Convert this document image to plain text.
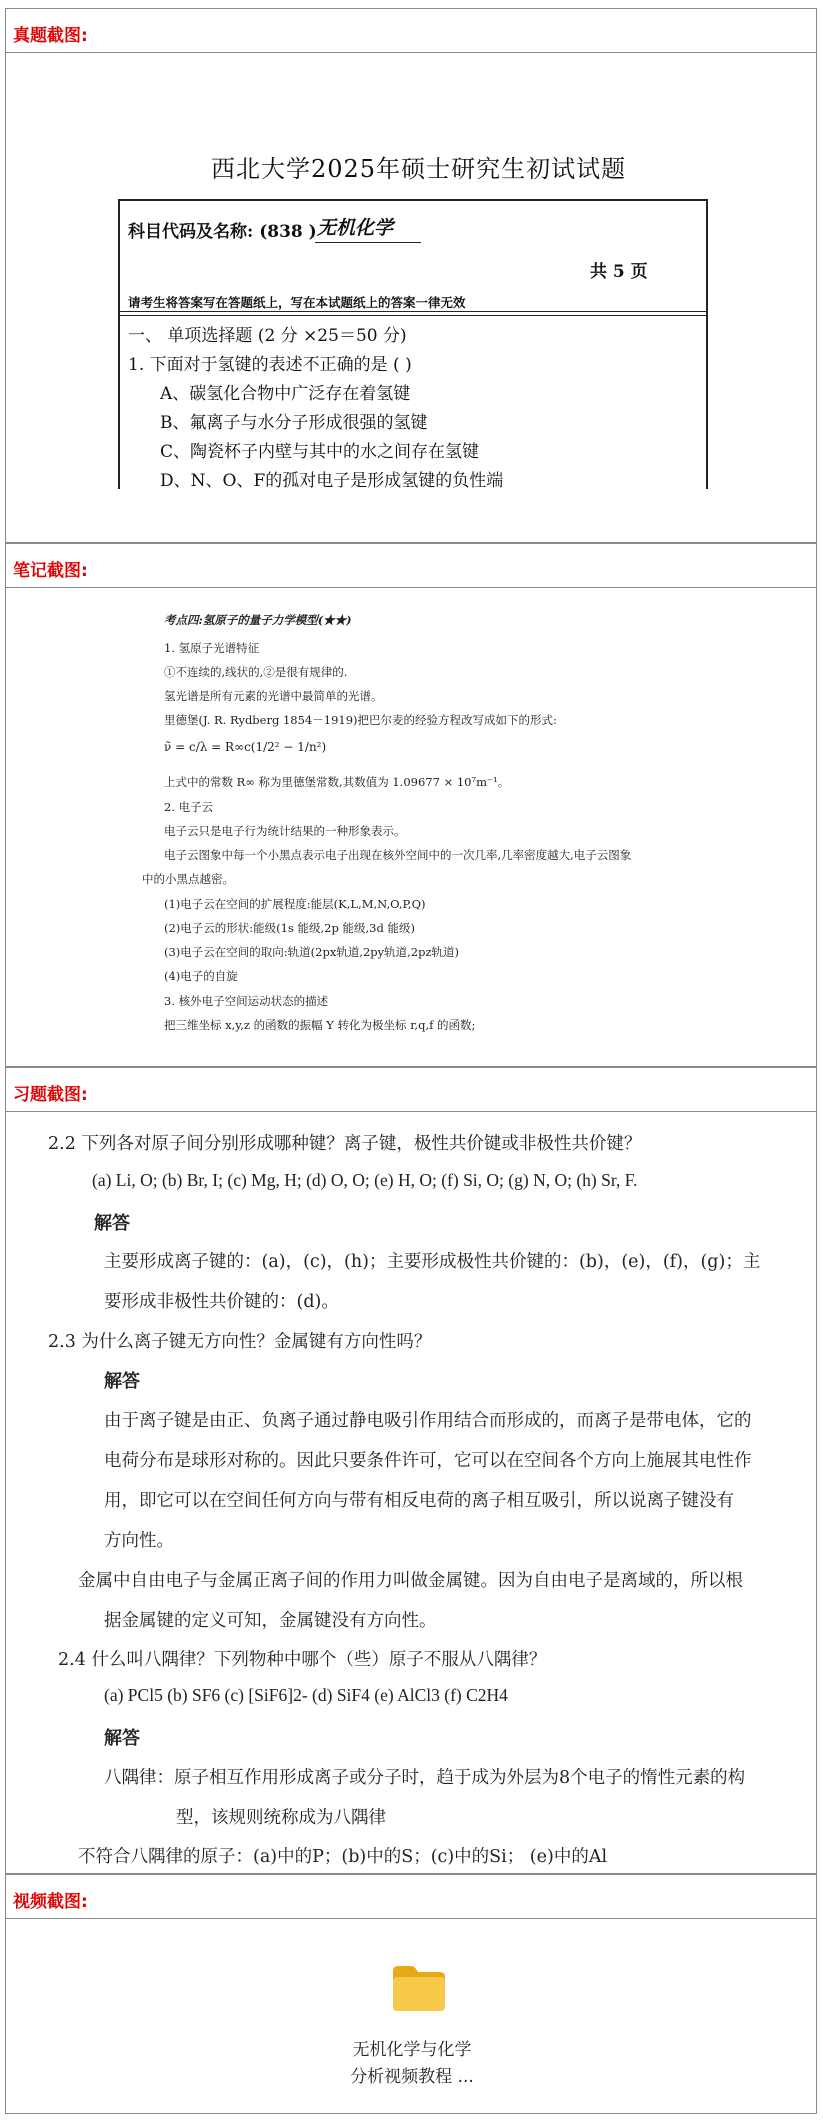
真题截图:
西北大学2025年硕士研究生初试试题
科目代码及名称: (838 ) 无机化学
共 5 页
请考生将答案写在答题纸上，写在本试题纸上的答案一律无效
一、 单项选择题 (2 分 ×25＝50 分)
1. 下面对于氢键的表述不正确的是 ( )
A、碳氢化合物中广泛存在着氢键
B、氟离子与水分子形成很强的氢键
C、陶瓷杯子内壁与其中的水之间存在氢键
D、N、O、F的孤对电子是形成氢键的负性端
笔记截图:
考点四:氢原子的量子力学模型(★★)
1. 氢原子光谱特征
①不连续的,线状的,②是很有规律的.
氢光谱是所有元素的光谱中最简单的光谱。
里德堡(J. R. Rydberg 1854－1919)把巴尔麦的经验方程改写成如下的形式:
ν̃ = c/λ = R∞c(1/2² − 1/n²)
上式中的常数 R∞ 称为里德堡常数,其数值为 1.09677 × 10⁷m⁻¹。
2. 电子云
电子云只是电子行为统计结果的一种形象表示。
电子云图象中每一个小黑点表示电子出现在核外空间中的一次几率,几率密度越大,电子云图象
中的小黑点越密。
(1)电子云在空间的扩展程度:能层(K,L,M,N,O,P,Q)
(2)电子云的形状:能级(1s 能级,2p 能级,3d 能级)
(3)电子云在空间的取向:轨道(2px轨道,2py轨道,2pz轨道)
(4)电子的自旋
3. 核外电子空间运动状态的描述
把三维坐标 x,y,z 的函数的振幅 Y 转化为极坐标 r,q,f 的函数;
习题截图:
2.2 下列各对原子间分别形成哪种键？离子键，极性共价键或非极性共价键？
(a) Li, O; (b) Br, I; (c) Mg, H; (d) O, O; (e) H, O; (f) Si, O; (g) N, O; (h) Sr, F.
解答
主要形成离子键的：(a)，(c)，(h)；主要形成极性共价键的：(b)，(e)，(f)，(g)；主
要形成非极性共价键的：(d)。
2.3 为什么离子键无方向性？金属键有方向性吗？
解答
由于离子键是由正、负离子通过静电吸引作用结合而形成的，而离子是带电体，它的
电荷分布是球形对称的。因此只要条件许可，它可以在空间各个方向上施展其电性作
用，即它可以在空间任何方向与带有相反电荷的离子相互吸引，所以说离子键没有
方向性。
金属中自由电子与金属正离子间的作用力叫做金属键。因为自由电子是离域的，所以根
据金属键的定义可知，金属键没有方向性。
2.4 什么叫八隅律？下列物种中哪个（些）原子不服从八隅律？
(a) PCl5 (b) SF6 (c) [SiF6]2- (d) SiF4 (e) AlCl3 (f) C2H4
解答
八隅律：原子相互作用形成离子或分子时，趋于成为外层为8个电子的惰性元素的构
型，该规则统称成为八隅律
不符合八隅律的原子：(a)中的P；(b)中的S；(c)中的Si； (e)中的Al
视频截图:
无机化学与化学
分析视频教程 ...
